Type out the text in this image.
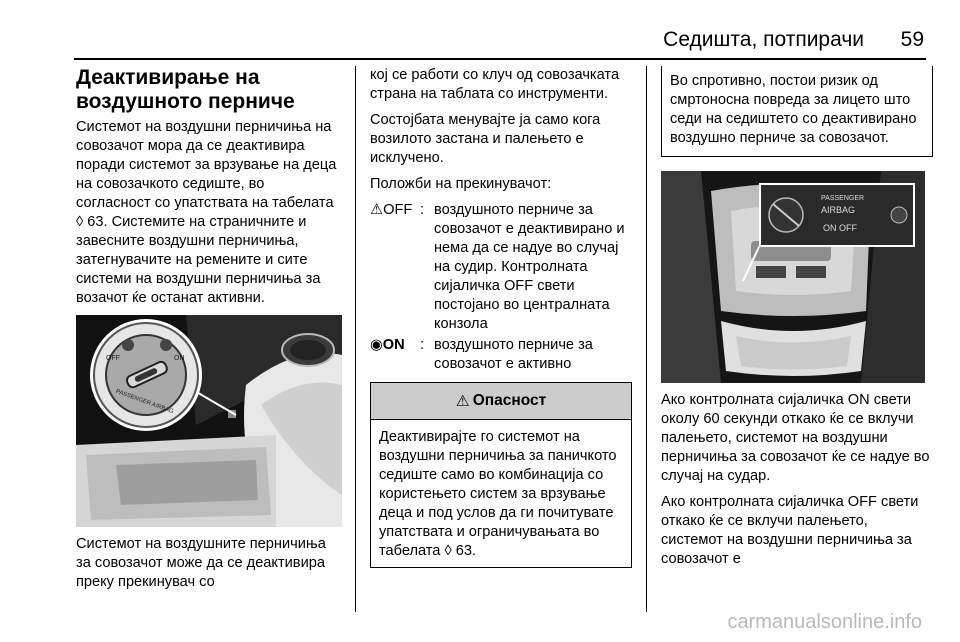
Седишта, потпирачи 59
Деактивирање на воздушното перниче

Системот на воздушни перничиња на совозачот мора да се деактивира поради системот за врзување на деца на совозачкото седиште, во согласност со упатствата на табелата ◊ 63. Системите на страничните и завесните воздушни перничиња, затегнувачите на ремените и сите системи на воздушни перничиња за возачот ќе останат активни.

OFF	ON
PASSENGER AIRBAG

Системот на воздушните перничиња за совозачот може да се деактивира преку прекинувач со

кој се работи со клуч од совозачката страна на таблата со инструменти.

Состојбата менувајте ја само кога возилото застана и палењето е исклучено.

Положби на прекинувачот:

⚠︎OFF : воздушното перниче за совозачот е деактивирано и нема да се надуе во случај на судир. Контролната сијаличка OFF свети постојано во централната конзола
◉ON	: воздушното перниче за совозачот е активно
⚠ Опасност
Деактивирајте го системот на воздушни перничиња за паничкото седиште само во комбинација со користењето систем за врзување деца и под услов да ги почитувате упатствата и ограничувањата во табелата ◊ 63.
Во спротивно, постои ризик од смртоносна повреда за лицето што седи на седиштето со деактивирано воздушно перниче за совозачот.
PASSENGER
AIRBAG
ON OFF

Ако контролната сијаличка ON свети околу 60 секунди откако ќе се вклучи палењето, системот на воздушни перничиња за совозачот ќе се надуе во случај на судар.

Ако контролната сијаличка OFF свети откако ќе се вклучи палењето, системот на воздушни перничиња за совозачот е

carmanualsonline.info
